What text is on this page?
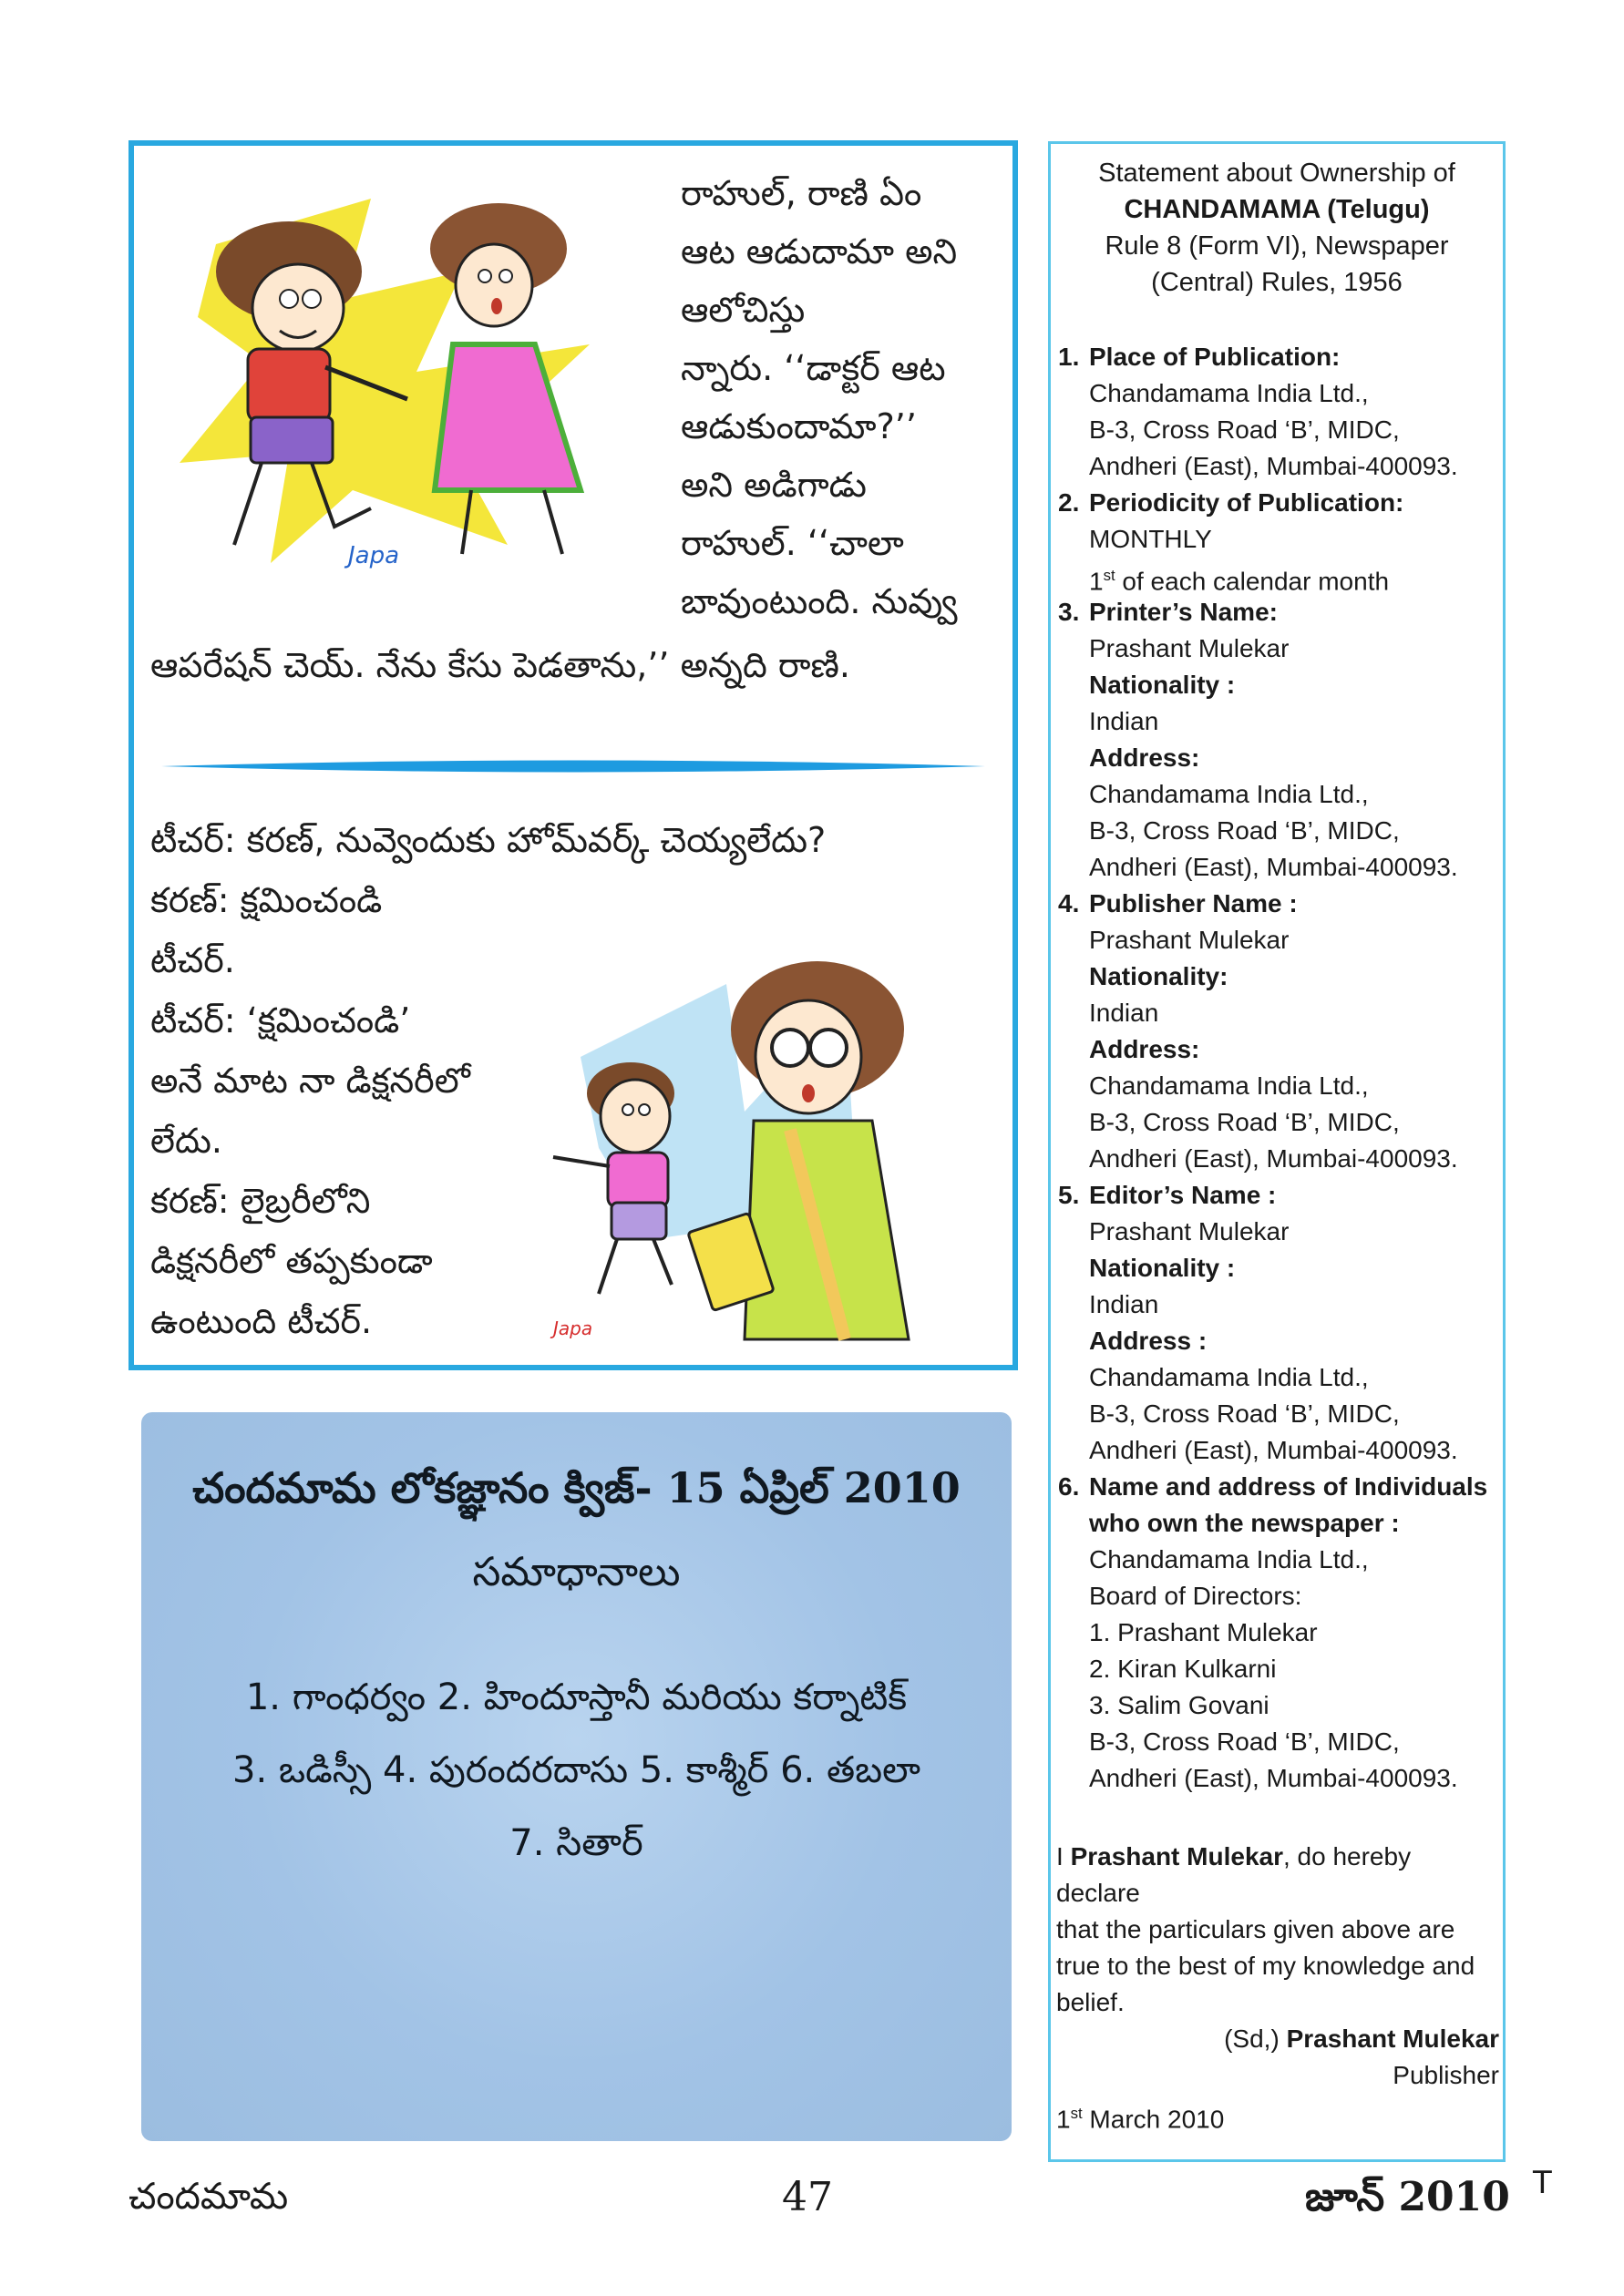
Japa
రాహుల్, రాణి ఏం
ఆట ఆడుదామా అని
ఆలోచిస్తు
న్నారు. ‘‘డాక్టర్ ఆట
ఆడుకుందామా?’’
అని అడిగాడు
రాహుల్. ‘‘చాలా
బావుంటుంది. నువ్వు
ఆపరేషన్ చెయ్. నేను కేసు పెడతాను,’’ అన్నది రాణి.
టీచర్: కరణ్, నువ్వెందుకు హోమ్‌వర్క్ చెయ్యలేదు?
కరణ్: క్షమించండి
టీచర్.
టీచర్: ‘క్షమించండి’
అనే మాట నా డిక్షనరీలో
లేదు.
కరణ్: లైబ్రరీలోని
డిక్షనరీలో తప్పకుండా
ఉంటుంది టీచర్.	Japa
చందమామ లోకజ్ఞానం క్విజ్- 15 ఏప్రిల్ 2010
సమాధానాలు
1. గాంధర్వం 2. హిందూస్తానీ మరియు కర్నాటిక్
3. ఒడిస్సీ 4. పురందరదాసు 5. కాశ్మీర్ 6. తబలా
7. సితార్
Statement about Ownership of
CHANDAMAMA (Telugu)
Rule 8 (Form VI), Newspaper
(Central) Rules, 1956
1. Place of Publication:
Chandamama India Ltd.,
B-3, Cross Road ‘B’, MIDC,
Andheri (East), Mumbai-400093.
2. Periodicity of Publication:
MONTHLY
1st of each calendar month
3. Printer’s Name:
Prashant Mulekar
Nationality :
Indian
Address:
Chandamama India Ltd.,
B-3, Cross Road ‘B’, MIDC,
Andheri (East), Mumbai-400093.
4. Publisher Name :
Prashant Mulekar
Nationality:
Indian
Address:
Chandamama India Ltd.,
B-3, Cross Road ‘B’, MIDC,
Andheri (East), Mumbai-400093.
5. Editor’s Name :
Prashant Mulekar
Nationality :
Indian
Address :
Chandamama India Ltd.,
B-3, Cross Road ‘B’, MIDC,
Andheri (East), Mumbai-400093.
6. Name and address of Individuals
who own the newspaper :
Chandamama India Ltd.,
Board of Directors:
1. Prashant Mulekar
2. Kiran Kulkarni
3. Salim Govani
B-3, Cross Road ‘B’, MIDC,
Andheri (East), Mumbai-400093.
I Prashant Mulekar, do hereby declare
that the particulars given above are
true to the best of my knowledge and
belief.
(Sd,) Prashant Mulekar
Publisher
1st March 2010
చందమామ	47	జూన్ 2010 T
